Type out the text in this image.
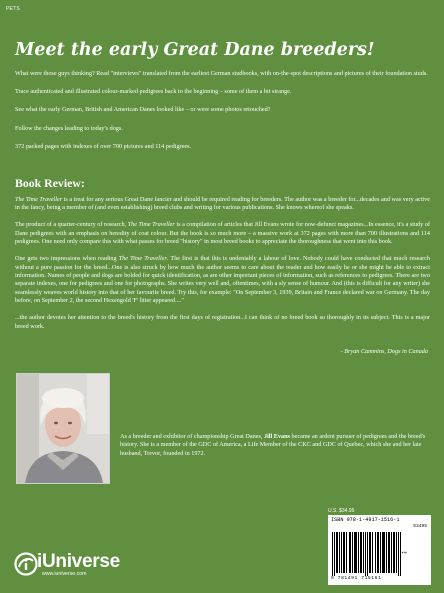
PETS
Meet the early Great Dane breeders!

What were those guys thinking? Read "interviews" translated from the earliest German studbooks, with on-the-spot descriptions and pictures of their foundation studs.

Trace authenticated and illustrated colour-marked pedigrees back to the beginning – some of them a bit strange.

See what the early German, British and American Danes looked like – or were some photos retouched?

Follow the changes leading to today's dogs.

372 packed pages with indexes of over 700 pictures and 114 pedigrees.

Book Review:

The Time Traveller is a treat for any serious Great Dane fancier and should be required reading for breeders. The author was a breeder for...decades and was very active in the fancy, being a member of (and even establishing) breed clubs and writing for various publications. She knows whereof she speaks.

The product of a quarter-century of research, The Time Traveller is a compilation of articles that Jill Evans wrote for now-defunct magazines...In essence, it's a study of Dane pedigrees with an emphasis on heredity of coat colour. But the book is so much more – a massive work at 372 pages with more than 700 illustrations and 114 pedigrees. One need only compare this with what passes for breed "history" in most breed books to appreciate the thoroughness that went into this book.

One gets two impressions when reading The Time Traveller. The first is that this is undeniably a labour of love. Nobody could have conducted that much research without a pure passion for the breed...One is also struck by how much the author seems to care about the reader and how easily he or she might be able to extract information. Names of people and dogs are bolded for quick identification, as are other important pieces of information, such as references to pedigrees. There are two separate indexes, one for pedigrees and one for photographs. She writes very well and, oftentimes, with a sly sense of humour. And (this is difficult for any writer) she seamlessly weaves world history into that of her favourite breed. Try this, for example: "On September 3, 1939, Britain and France declared war on Germany. The day before, on September 2, the second Hexengold 'F' litter appeared...."

...the author devotes her attention to the breed's history from the first days of registration...I can think of no breed book so thoroughly in its subject. This is a major breed work.

- Bryan Cummins, Dogs in Canada
As a breeder and exhibitor of championship Great Danes, Jill Evans became an ardent pursuer of pedigrees and the breed's history. She is a member of the GDC of America, a Life Member of the CKC and GDC of Quebec, which she and her late husband, Trevor, founded in 1972.
U.S. $34.95
ISBN 978-1-4917-1516-1
53495
9 781491 715161
iUniverse
www.iuniverse.com
